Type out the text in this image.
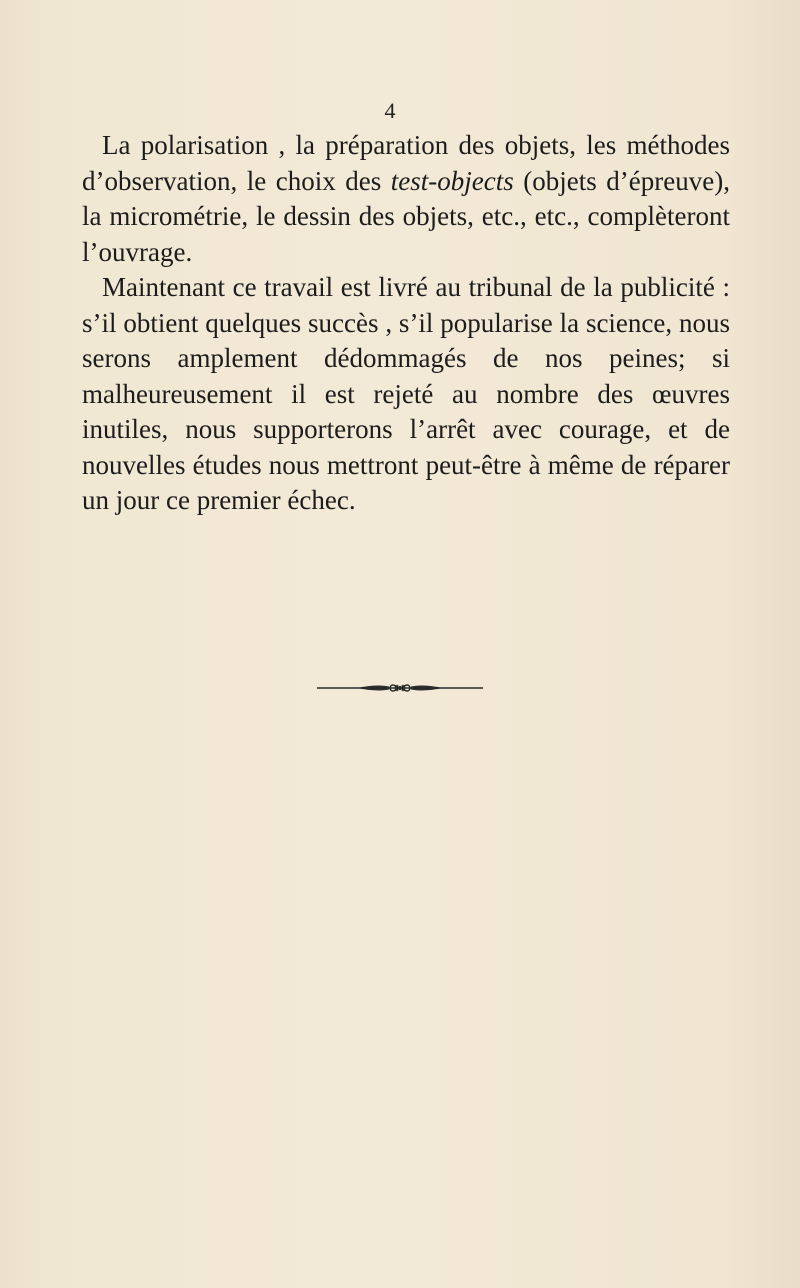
4

La polarisation , la préparation des objets, les méthodes d’observation, le choix des test-objects (objets d’épreuve), la micrométrie, le dessin des objets, etc., etc., complèteront l’ouvrage.

Maintenant ce travail est livré au tribunal de la publicité : s’il obtient quelques succès , s’il popularise la science, nous serons amplement dédommagés de nos peines; si malheureusement il est rejeté au nombre des œuvres inutiles, nous supporterons l’arrêt avec courage, et de nouvelles études nous mettront peut-être à même de réparer un jour ce premier échec.
